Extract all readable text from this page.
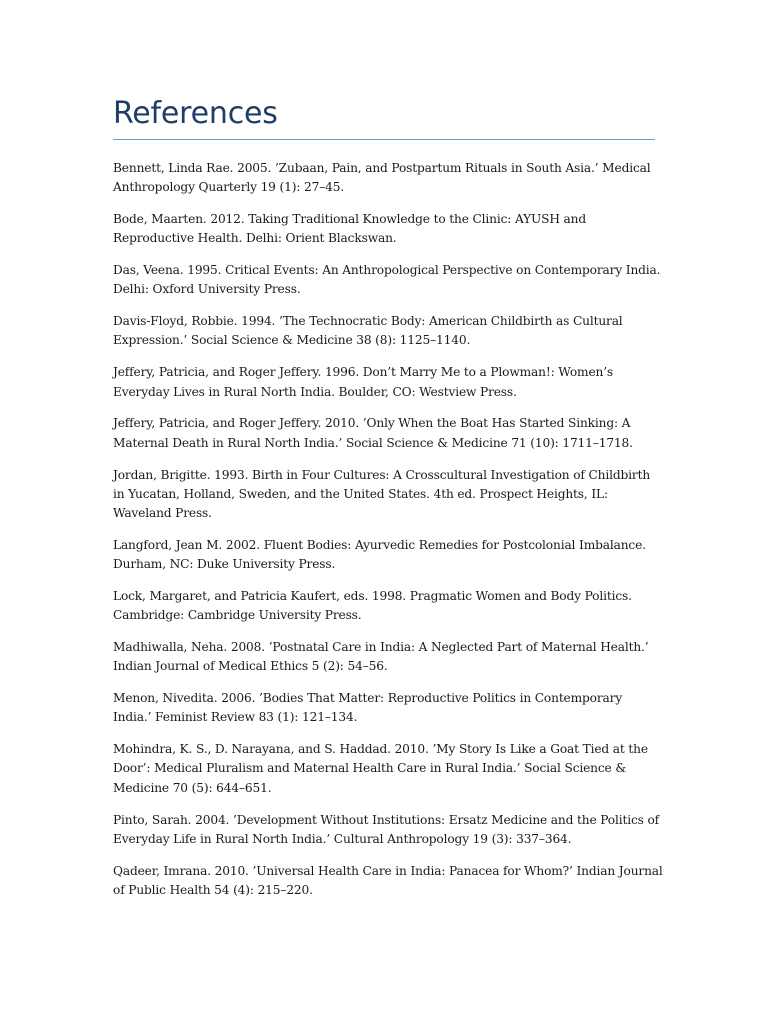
References
Bennett, Linda Rae. 2005. ’Zubaan, Pain, and Postpartum Rituals in South Asia.’ Medical Anthropology Quarterly 19 (1): 27–45.
Bode, Maarten. 2012. Taking Traditional Knowledge to the Clinic: AYUSH and Reproductive Health. Delhi: Orient Blackswan.
Das, Veena. 1995. Critical Events: An Anthropological Perspective on Contemporary India. Delhi: Oxford University Press.
Davis-Floyd, Robbie. 1994. ’The Technocratic Body: American Childbirth as Cultural Expression.’ Social Science & Medicine 38 (8): 1125–1140.
Jeffery, Patricia, and Roger Jeffery. 1996. Don’t Marry Me to a Plowman!: Women’s Everyday Lives in Rural North India. Boulder, CO: Westview Press.
Jeffery, Patricia, and Roger Jeffery. 2010. ’Only When the Boat Has Started Sinking: A Maternal Death in Rural North India.’ Social Science & Medicine 71 (10): 1711–1718.
Jordan, Brigitte. 1993. Birth in Four Cultures: A Crosscultural Investigation of Childbirth in Yucatan, Holland, Sweden, and the United States. 4th ed. Prospect Heights, IL: Waveland Press.
Langford, Jean M. 2002. Fluent Bodies: Ayurvedic Remedies for Postcolonial Imbalance. Durham, NC: Duke University Press.
Lock, Margaret, and Patricia Kaufert, eds. 1998. Pragmatic Women and Body Politics. Cambridge: Cambridge University Press.
Madhiwalla, Neha. 2008. ’Postnatal Care in India: A Neglected Part of Maternal Health.’ Indian Journal of Medical Ethics 5 (2): 54–56.
Menon, Nivedita. 2006. ’Bodies That Matter: Reproductive Politics in Contemporary India.’ Feminist Review 83 (1): 121–134.
Mohindra, K. S., D. Narayana, and S. Haddad. 2010. ’My Story Is Like a Goat Tied at the Door’: Medical Pluralism and Maternal Health Care in Rural India.’ Social Science & Medicine 70 (5): 644–651.
Pinto, Sarah. 2004. ’Development Without Institutions: Ersatz Medicine and the Politics of Everyday Life in Rural North India.’ Cultural Anthropology 19 (3): 337–364.
Qadeer, Imrana. 2010. ’Universal Health Care in India: Panacea for Whom?’ Indian Journal of Public Health 54 (4): 215–220.
